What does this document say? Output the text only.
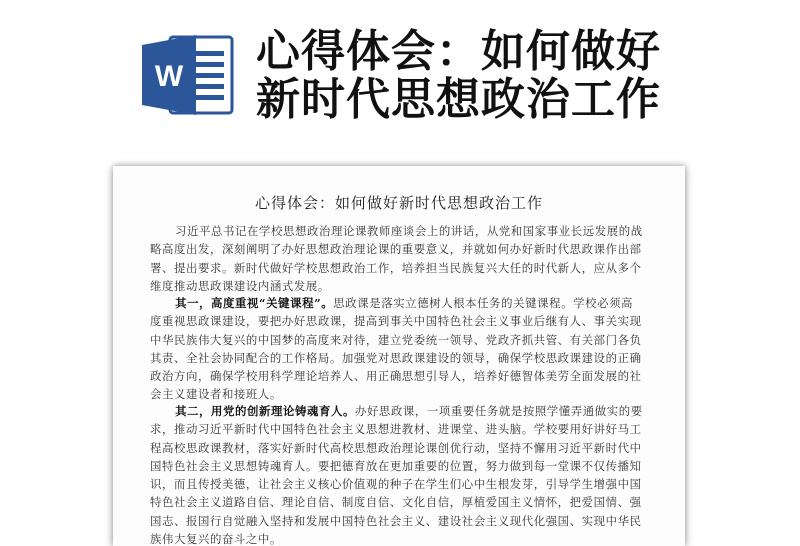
W 心得体会：如何做好
新时代思想政治工作
心得体会：如何做好新时代思想政治工作
习近平总书记在学校思想政治理论课教师座谈会上的讲话，从党和国家事业长远发展的战
略高度出发，深刻阐明了办好思想政治理论课的重要意义，并就如何办好新时代思政课作出部
署、提出要求。新时代做好学校思想政治工作，培养担当民族复兴大任的时代新人，应从多个
维度推动思政课建设内涵式发展。
其一，高度重视“关键课程”。思政课是落实立德树人根本任务的关键课程。学校必须高
度重视思政课建设，要把办好思政课，提高到事关中国特色社会主义事业后继有人、事关实现
中华民族伟大复兴的中国梦的高度来对待，建立党委统一领导、党政齐抓共管、有关部门各负
其责、全社会协同配合的工作格局。加强党对思政课建设的领导，确保学校思政课建设的正确
政治方向，确保学校用科学理论培养人、用正确思想引导人，培养好德智体美劳全面发展的社
会主义建设者和接班人。
其二，用党的创新理论铸魂育人。办好思政课，一项重要任务就是按照学懂弄通做实的要
求，推动习近平新时代中国特色社会主义思想进教材、进课堂、进头脑。学校要用好讲好马工
程高校思政课教材，落实好新时代高校思想政治理论课创优行动，坚持不懈用习近平新时代中
国特色社会主义思想铸魂育人。要把德育放在更加重要的位置，努力做到每一堂课不仅传播知
识，而且传授美德，让社会主义核心价值观的种子在学生们心中生根发芽，引导学生增强中国
特色社会主义道路自信、理论自信、制度自信、文化自信，厚植爱国主义情怀，把爱国情、强
国志、报国行自觉融入坚持和发展中国特色社会主义、建设社会主义现代化强国、实现中华民
族伟大复兴的奋斗之中。
